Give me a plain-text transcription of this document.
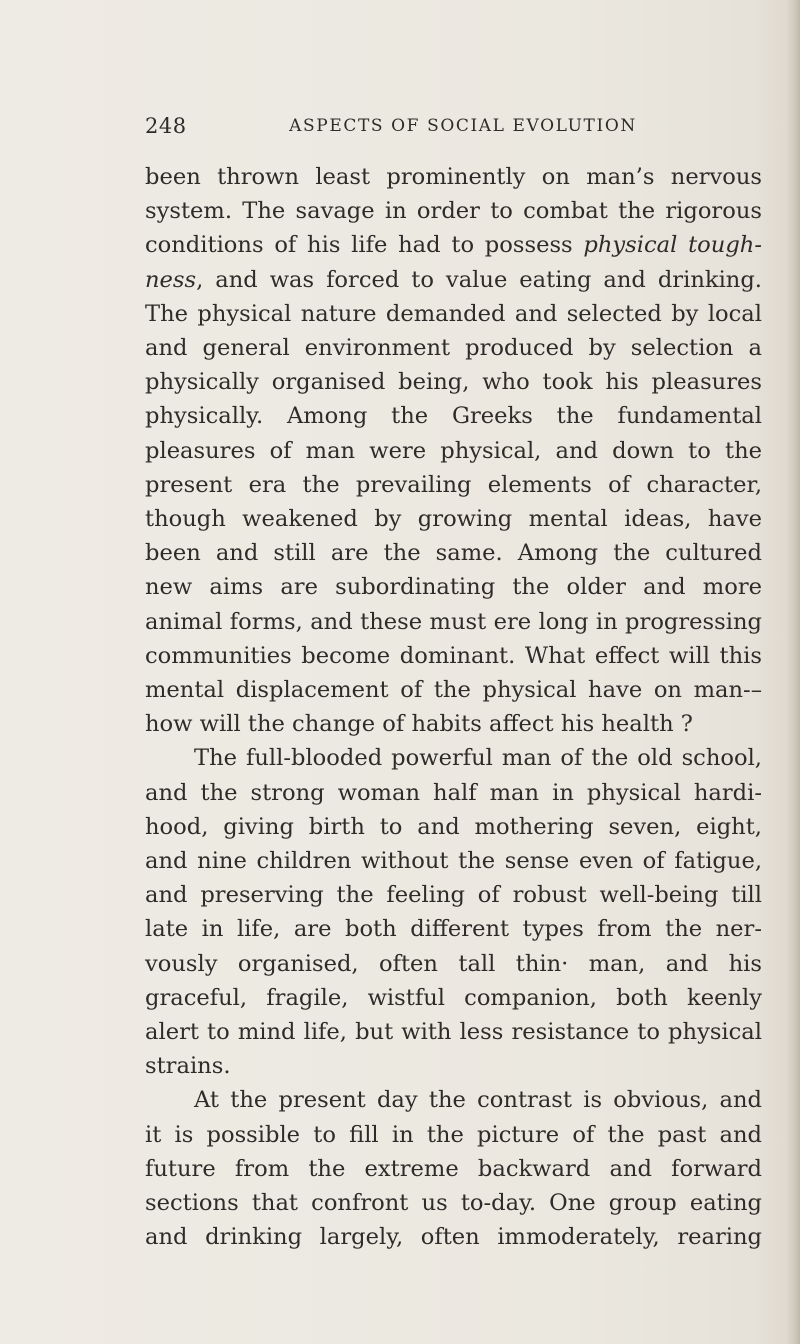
248	ASPECTS OF SOCIAL EVOLUTION
been thrown least prominently on man’s nervous
system. The savage in order to combat the rigorous
conditions of his life had to possess physical tough-
ness, and was forced to value eating and drinking.
The physical nature demanded and selected by local
and general environment produced by selection a
physically organised being, who took his pleasures
physically. Among the Greeks the fundamental
pleasures of man were physical, and down to the
present era the prevailing elements of character,
though weakened by growing mental ideas, have
been and still are the same. Among the cultured
new aims are subordinating the older and more
animal forms, and these must ere long in progressing
communities become dominant. What effect will this
mental displacement of the physical have on man-–
how will the change of habits affect his health ?
The full-blooded powerful man of the old school,
and the strong woman half man in physical hardi-
hood, giving birth to and mothering seven, eight,
and nine children without the sense even of fatigue,
and preserving the feeling of robust well-being till
late in life, are both different types from the ner-
vously organised, often tall thin· man, and his
graceful, fragile, wistful companion, both keenly
alert to mind life, but with less resistance to physical
strains.
At the present day the contrast is obvious, and
it is possible to fill in the picture of the past and
future from the extreme backward and forward
sections that confront us to-day. One group eating
and drinking largely, often immoderately, rearing
